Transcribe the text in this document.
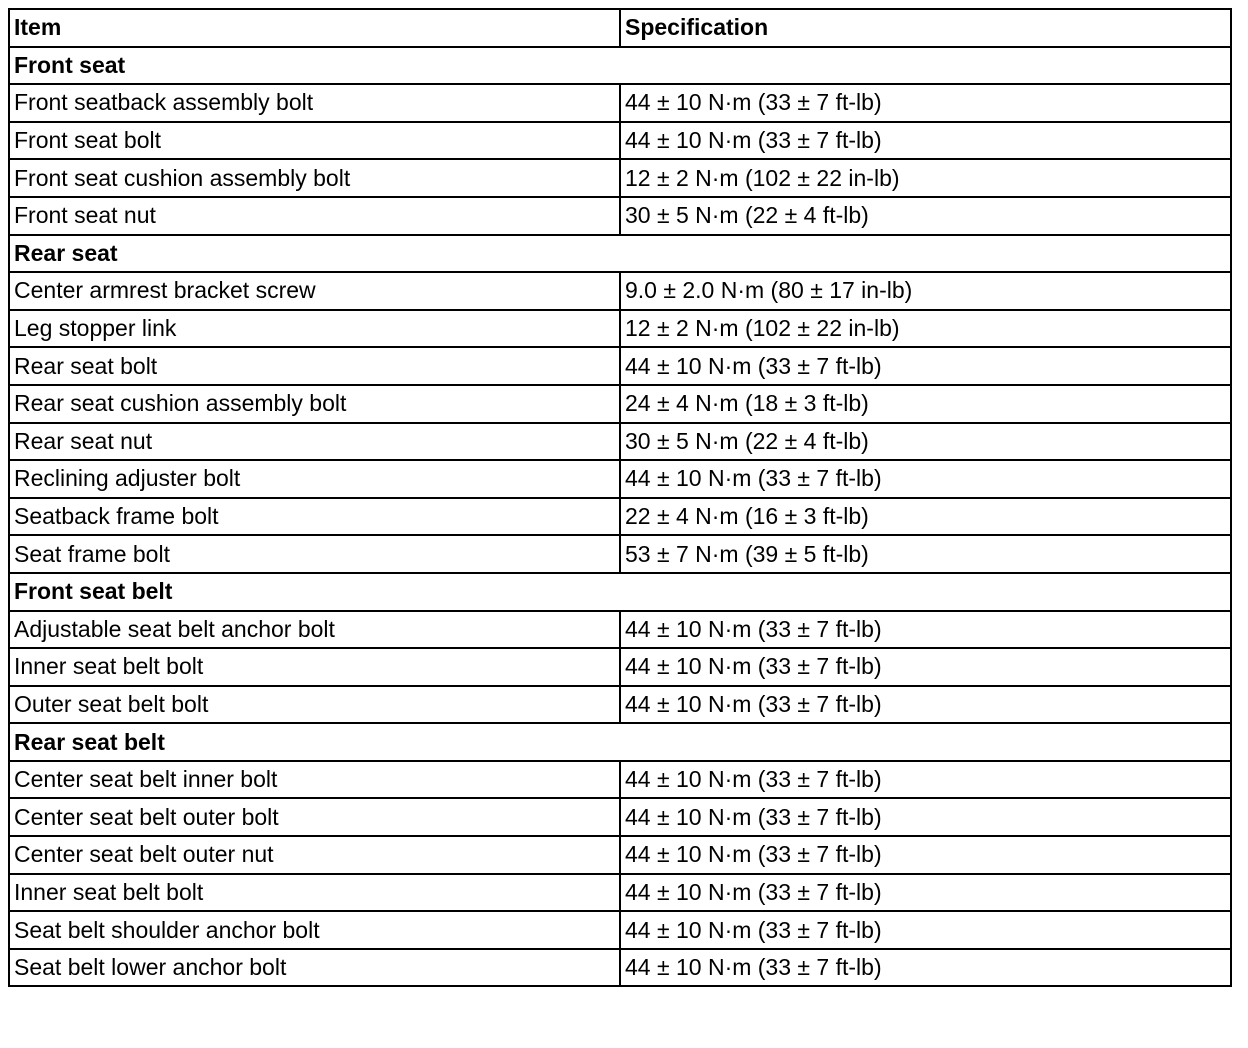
Item	Specification
Front seat	
Front seatback assembly bolt	44 ± 10 N·m (33 ± 7 ft-lb)
Front seat bolt	44 ± 10 N·m (33 ± 7 ft-lb)
Front seat cushion assembly bolt	12 ± 2 N·m (102 ± 22 in-lb)
Front seat nut	30 ± 5 N·m (22 ± 4 ft-lb)
Rear seat	
Center armrest bracket screw	9.0 ± 2.0 N·m (80 ± 17 in-lb)
Leg stopper link	12 ± 2 N·m (102 ± 22 in-lb)
Rear seat bolt	44 ± 10 N·m (33 ± 7 ft-lb)
Rear seat cushion assembly bolt	24 ± 4 N·m (18 ± 3 ft-lb)
Rear seat nut	30 ± 5 N·m (22 ± 4 ft-lb)
Reclining adjuster bolt	44 ± 10 N·m (33 ± 7 ft-lb)
Seatback frame bolt	22 ± 4 N·m (16 ± 3 ft-lb)
Seat frame bolt	53 ± 7 N·m (39 ± 5 ft-lb)
Front seat belt	
Adjustable seat belt anchor bolt	44 ± 10 N·m (33 ± 7 ft-lb)
Inner seat belt bolt	44 ± 10 N·m (33 ± 7 ft-lb)
Outer seat belt bolt	44 ± 10 N·m (33 ± 7 ft-lb)
Rear seat belt	
Center seat belt inner bolt	44 ± 10 N·m (33 ± 7 ft-lb)
Center seat belt outer bolt	44 ± 10 N·m (33 ± 7 ft-lb)
Center seat belt outer nut	44 ± 10 N·m (33 ± 7 ft-lb)
Inner seat belt bolt	44 ± 10 N·m (33 ± 7 ft-lb)
Seat belt shoulder anchor bolt	44 ± 10 N·m (33 ± 7 ft-lb)
Seat belt lower anchor bolt	44 ± 10 N·m (33 ± 7 ft-lb)
